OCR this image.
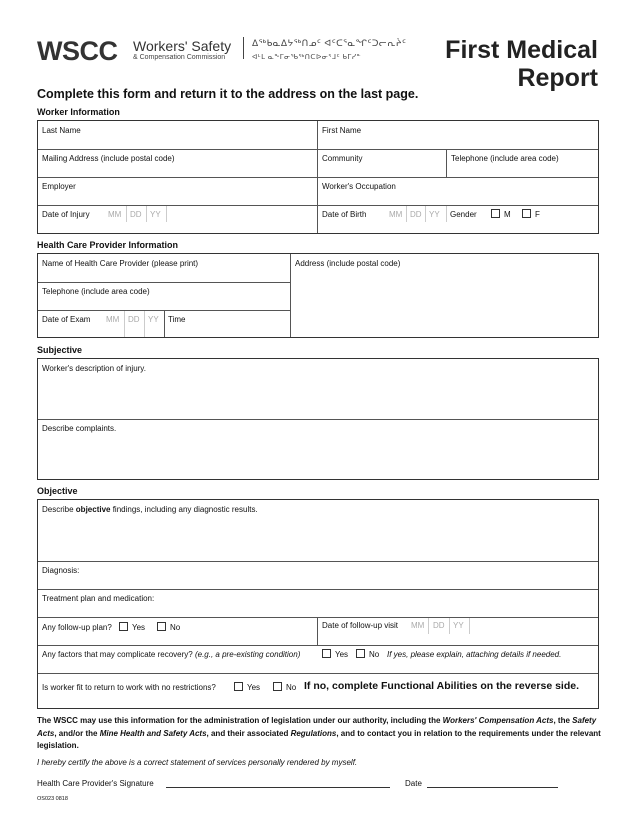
WSCC Workers' Safety
& Compensation Commission
ᐃᖅᑲᓇᐃᔭᖅᑎᓄᑦ ᐊᑦᑕᕐᓇᖏᑦᑐᓕᕆᔩᑦ
ᐊᒻᒪ ᓇᖕᒥᓂᖃᖅᑎᑕᐅᓂᕐᒧᑦ ᑲᒥᓯᓐ	First Medical
Report
Complete this form and return it to the address on the last page.
Worker Information
Last Name	First Name
Mailing Address (include postal code)	Community	Telephone (include area code)
Employer	Worker's Occupation
Date of Injury MM DD YY	Date of Birth	MM DD YY Gender	M	F
Health Care Provider Information
Name of Health Care Provider (please print)	Address (include postal code)
Telephone (include area code)
Date of Exam MM DD YY Time
Subjective
Worker's description of injury.
Describe complaints.
Objective
Describe objective findings, including any diagnostic results.
Diagnosis:
Treatment plan and medication:
Any follow-up plan?	Yes	No	Date of follow-up visit MM DD YY
Any factors that may complicate recovery? (e.g., a pre-existing condition)	Yes	No If yes, please explain, attaching details if needed.
Is worker fit to return to work with no restrictions?	Yes	No If no, complete Functional Abilities on the reverse side.
The WSCC may use this information for the administration of legislation under our authority, including the Workers' Compensation Acts, the Safety Acts, and/or the Mine Health and Safety Acts, and their associated Regulations, and to contact you in relation to the requirements under the relevant legislation.
I hereby certify the above is a correct statement of services personally rendered by myself.
Health Care Provider's Signature	Date
OS023 0818
